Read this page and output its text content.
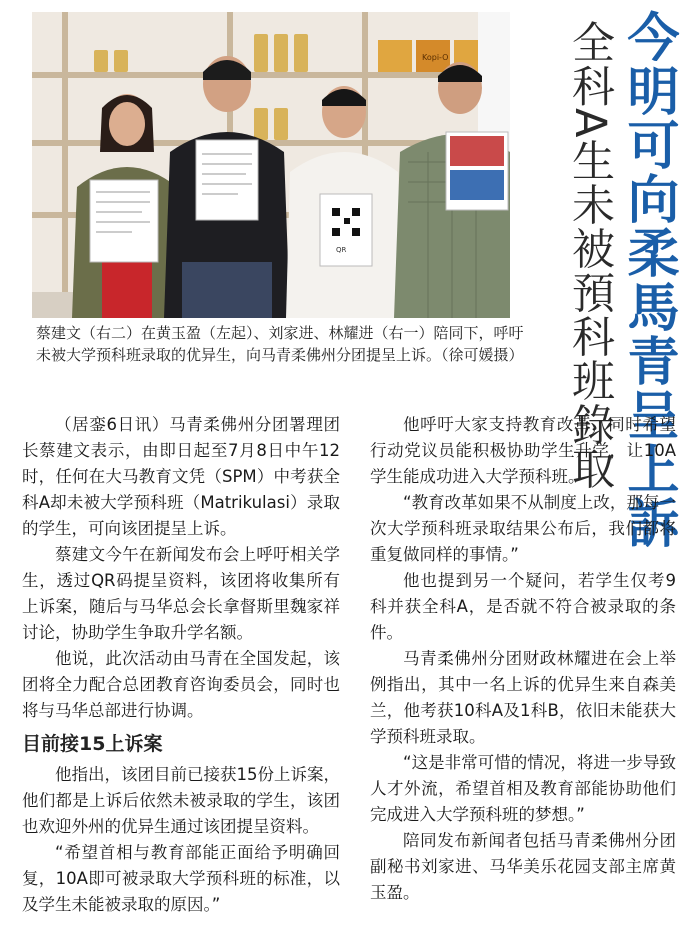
Kopi-O
QR
蔡建文（右二）在黄玉盈（左起）、刘家进、林耀进（右一）陪同下，呼吁未被大学预科班录取的优异生，向马青柔佛州分团提呈上诉。（徐可媛摄） 全科A生未被預科班錄取 今明可向柔馬青呈上訴

（居銮6日讯）马青柔佛州分团署理团长蔡建文表示，由即日起至7月8日中午12时，任何在大马教育文凭（SPM）中考获全科A却未被大学预科班（Matrikulasi）录取的学生，可向该团提呈上诉。

蔡建文今午在新闻发布会上呼吁相关学生，透过QR码提呈资料，该团将收集所有上诉案，随后与马华总会长拿督斯里魏家祥讨论，协助学生争取升学名额。

他说，此次活动由马青在全国发起，该团将全力配合总团教育咨询委员会，同时也将与马华总部进行协调。

目前接15上诉案

他指出，该团目前已接获15份上诉案，他们都是上诉后依然未被录取的学生，该团也欢迎外州的优异生通过该团提呈资料。

“希望首相与教育部能正面给予明确回复，10A即可被录取大学预科班的标准，以及学生未能被录取的原因。”

他呼吁大家支持教育改革，同时希望行动党议员能积极协助学生升学，让10A学生能成功进入大学预科班。

“教育改革如果不从制度上改，那每一次大学预科班录取结果公布后，我们都将重复做同样的事情。”

他也提到另一个疑问，若学生仅考9科并获全科A，是否就不符合被录取的条件。

马青柔佛州分团财政林耀进在会上举例指出，其中一名上诉的优异生来自森美兰，他考获10科A及1科B，依旧未能获大学预科班录取。

“这是非常可惜的情况，将进一步导致人才外流，希望首相及教育部能协助他们完成进入大学预科班的梦想。”

陪同发布新闻者包括马青柔佛州分团副秘书刘家进、马华美乐花园支部主席黄玉盈。
